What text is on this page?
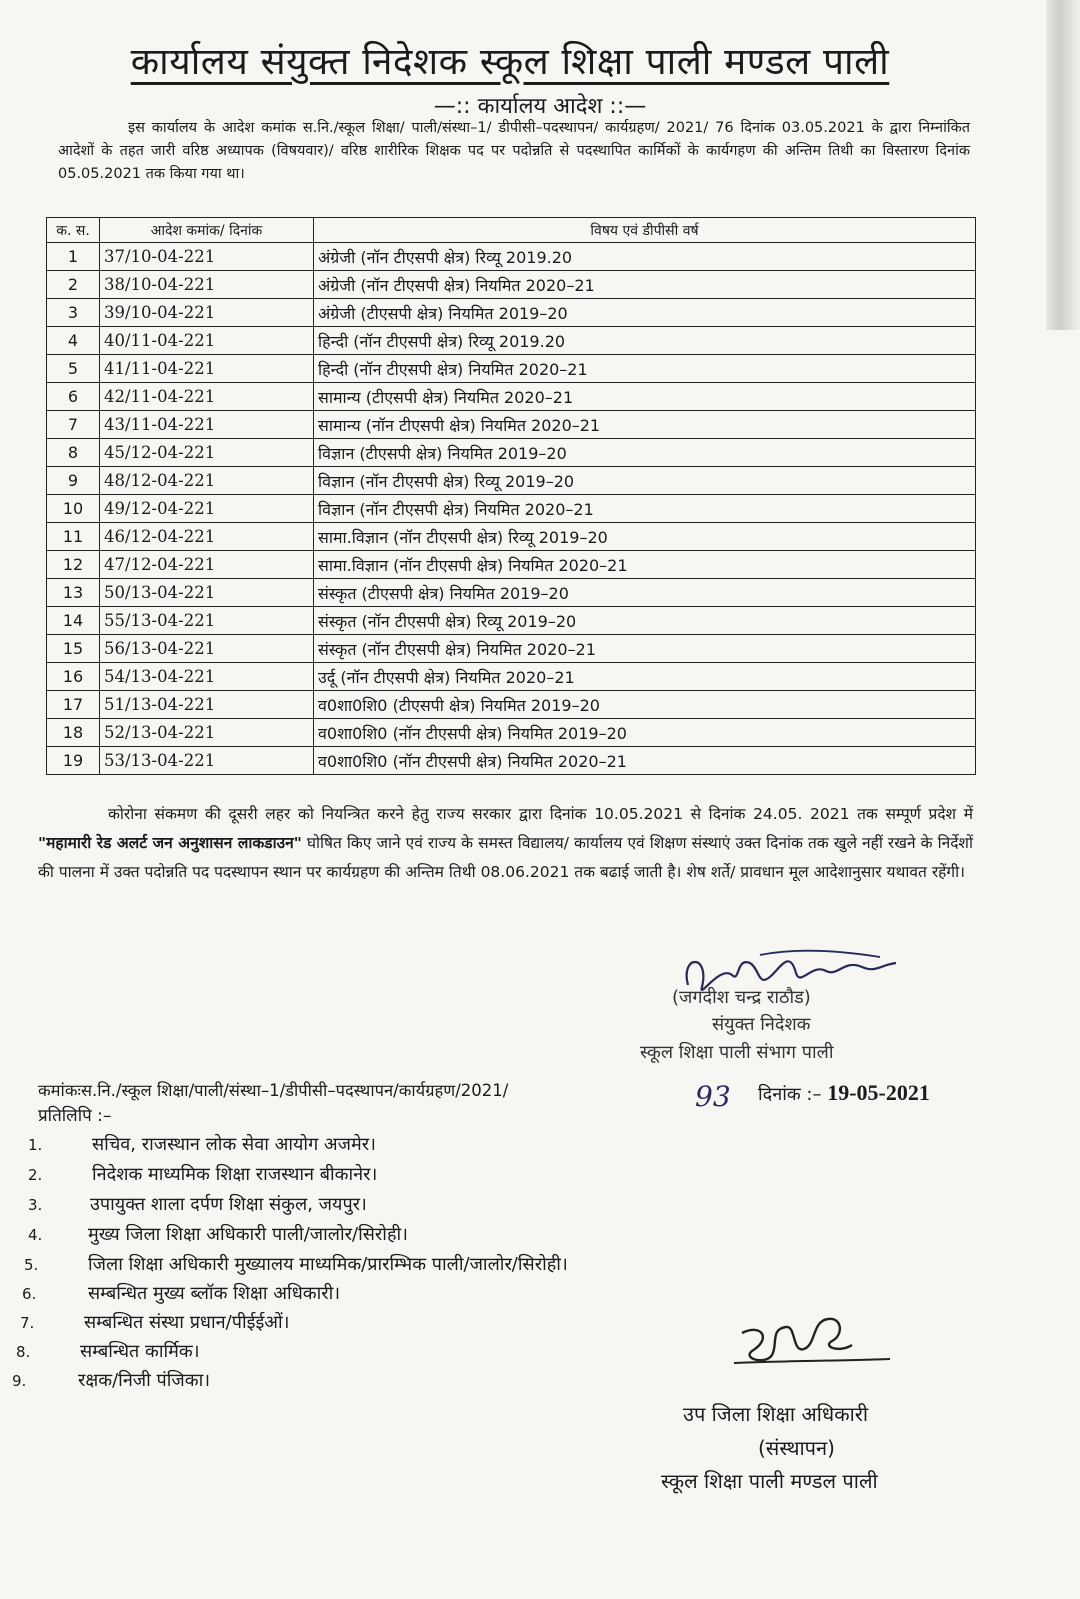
कार्यालय संयुक्त निदेशक स्कूल शिक्षा पाली मण्डल पाली
—:: कार्यालय आदेश ::—
इस कार्यालय के आदेश कमांक स.नि./स्कूल शिक्षा/ पाली/संस्था–1/ डीपीसी–पदस्थापन/ कार्यग्रहण/ 2021/ 76 दिनांक 03.05.2021 के द्वारा निम्नांकित आदेशों के तहत जारी वरिष्ठ अध्यापक (विषयवार)/ वरिष्ठ शारीरिक शिक्षक पद पर पदोन्नति से पदस्थापित कार्मिकों के कार्यगहण की अन्तिम तिथी का विस्तारण दिनांक 05.05.2021 तक किया गया था।
क. स.	आदेश कमांक/ दिनांक	विषय एवं डीपीसी वर्ष
1	37/10-04-221	अंग्रेजी (नॉन टीएसपी क्षेत्र) रिव्यू 2019.20
2	38/10-04-221	अंग्रेजी (नॉन टीएसपी क्षेत्र) नियमित 2020–21
3	39/10-04-221	अंग्रेजी (टीएसपी क्षेत्र) नियमित 2019–20
4	40/11-04-221	हिन्दी (नॉन टीएसपी क्षेत्र) रिव्यू 2019.20
5	41/11-04-221	हिन्दी (नॉन टीएसपी क्षेत्र) नियमित 2020–21
6	42/11-04-221	सामान्य (टीएसपी क्षेत्र) नियमित 2020–21
7	43/11-04-221	सामान्य (नॉन टीएसपी क्षेत्र) नियमित 2020–21
8	45/12-04-221	विज्ञान (टीएसपी क्षेत्र) नियमित 2019–20
9	48/12-04-221	विज्ञान (नॉन टीएसपी क्षेत्र) रिव्यू 2019–20
10	49/12-04-221	विज्ञान (नॉन टीएसपी क्षेत्र) नियमित 2020–21
11	46/12-04-221	सामा.विज्ञान (नॉन टीएसपी क्षेत्र) रिव्यू 2019–20
12	47/12-04-221	सामा.विज्ञान (नॉन टीएसपी क्षेत्र) नियमित 2020–21
13	50/13-04-221	संस्कृत (टीएसपी क्षेत्र) नियमित 2019–20
14	55/13-04-221	संस्कृत (नॉन टीएसपी क्षेत्र) रिव्यू 2019–20
15	56/13-04-221	संस्कृत (नॉन टीएसपी क्षेत्र) नियमित 2020–21
16	54/13-04-221	उर्दू (नॉन टीएसपी क्षेत्र) नियमित 2020–21
17	51/13-04-221	व0शा0शि0 (टीएसपी क्षेत्र) नियमित 2019–20
18	52/13-04-221	व0शा0शि0 (नॉन टीएसपी क्षेत्र) नियमित 2019–20
19	53/13-04-221	व0शा0शि0 (नॉन टीएसपी क्षेत्र) नियमित 2020–21
कोरोना संकमण की दूसरी लहर को नियन्त्रित करने हेतु राज्य सरकार द्वारा दिनांक 10.05.2021 से दिनांक 24.05. 2021 तक सम्पूर्ण प्रदेश में "महामारी रेड अलर्ट जन अनुशासन लाकडाउन" घोषित किए जाने एवं राज्य के समस्त विद्यालय/ कार्यालय एवं शिक्षण संस्थाएं उक्त दिनांक तक खुले नहीं रखने के निर्देशों की पालना में उक्त पदोन्नति पद पदस्थापन स्थान पर कार्यग्रहण की अन्तिम तिथी 08.06.2021 तक बढाई जाती है। शेष शर्ते/ प्रावधान मूल आदेशानुसार यथावत रहेंगी।
(जगदीश चन्द्र राठौड)
संयुक्त निदेशक
स्कूल शिक्षा पाली संभाग पाली
कमांकःस.नि./स्कूल शिक्षा/पाली/संस्था–1/डीपीसी–पदस्थापन/कार्यग्रहण/2021/	93 दिनांक :– 19-05-2021
प्रतिलिपि :–
1.	सचिव, राजस्थान लोक सेवा आयोग अजमेर।
2.	निदेशक माध्यमिक शिक्षा राजस्थान बीकानेर।
3.	उपायुक्त शाला दर्पण शिक्षा संकुल, जयपुर।
4.	मुख्य जिला शिक्षा अधिकारी पाली/जालोर/सिरोही।
5.	जिला शिक्षा अधिकारी मुख्यालय माध्यमिक/प्रारम्भिक पाली/जालोर/सिरोही।
6.	सम्बन्धित मुख्य ब्लॉक शिक्षा अधिकारी।
7.	सम्बन्धित संस्था प्रधान/पीईईओं।
8.	सम्बन्धित कार्मिक।
9.	रक्षक/निजी पंजिका।
उप जिला शिक्षा अधिकारी
(संस्थापन)
स्कूल शिक्षा पाली मण्डल पाली
